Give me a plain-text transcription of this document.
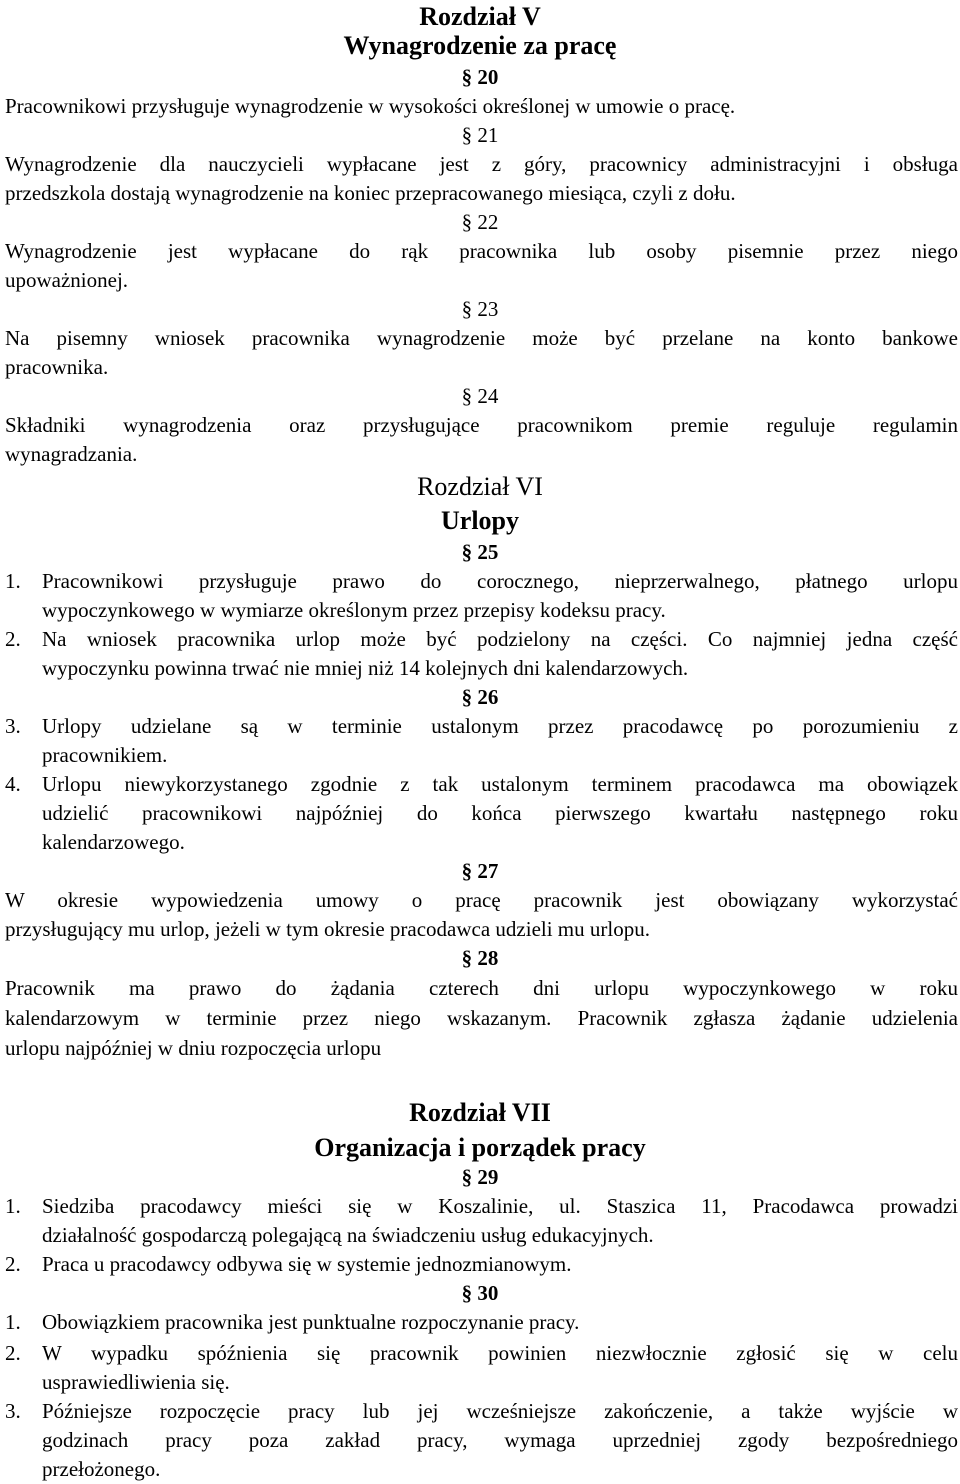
Rozdział V
Wynagrodzenie za pracę
§ 20
Pracownikowi przysługuje wynagrodzenie w wysokości określonej w umowie o pracę.
§ 21
Wynagrodzenie dla nauczycieli wypłacane jest z góry, pracownicy administracyjni i obsługa
przedszkola dostają wynagrodzenie na koniec przepracowanego miesiąca, czyli z dołu.
§ 22
Wynagrodzenie jest wypłacane do rąk pracownika lub osoby pisemnie przez niego
upoważnionej.
§ 23
Na pisemny wniosek pracownika wynagrodzenie może być przelane na konto bankowe
pracownika.
§ 24
Składniki wynagrodzenia oraz przysługujące pracownikom premie reguluje regulamin
wynagradzania.
Rozdział VI
Urlopy
§ 25
1. Pracownikowi przysługuje prawo do corocznego, nieprzerwalnego, płatnego urlopu
wypoczynkowego w wymiarze określonym przez przepisy kodeksu pracy.
2. Na wniosek pracownika urlop może być podzielony na części. Co najmniej jedna część
wypoczynku powinna trwać nie mniej niż 14 kolejnych dni kalendarzowych.
§ 26
3. Urlopy udzielane są w terminie ustalonym przez pracodawcę po porozumieniu z
pracownikiem.
4. Urlopu niewykorzystanego zgodnie z tak ustalonym terminem pracodawca ma obowiązek
udzielić pracownikowi najpóźniej do końca pierwszego kwartału następnego roku
kalendarzowego.
§ 27
W okresie wypowiedzenia umowy o pracę pracownik jest obowiązany wykorzystać
przysługujący mu urlop, jeżeli w tym okresie pracodawca udzieli mu urlopu.
§ 28
Pracownik ma prawo do żądania czterech dni urlopu wypoczynkowego w roku
kalendarzowym w terminie przez niego wskazanym. Pracownik zgłasza żądanie udzielenia
urlopu najpóźniej w dniu rozpoczęcia urlopu
Rozdział VII
Organizacja i porządek pracy
§ 29
1. Siedziba pracodawcy mieści się w Koszalinie, ul. Staszica 11, Pracodawca prowadzi
działalność gospodarczą polegającą na świadczeniu usług edukacyjnych.
2. Praca u pracodawcy odbywa się w systemie jednozmianowym.
§ 30
1. Obowiązkiem pracownika jest punktualne rozpoczynanie pracy.
2. W wypadku spóźnienia się pracownik powinien niezwłocznie zgłosić się w celu
usprawiedliwienia się.
3. Późniejsze rozpoczęcie pracy lub jej wcześniejsze zakończenie, a także wyjście w
godzinach pracy poza zakład pracy, wymaga uprzedniej zgody bezpośredniego
przełożonego.
